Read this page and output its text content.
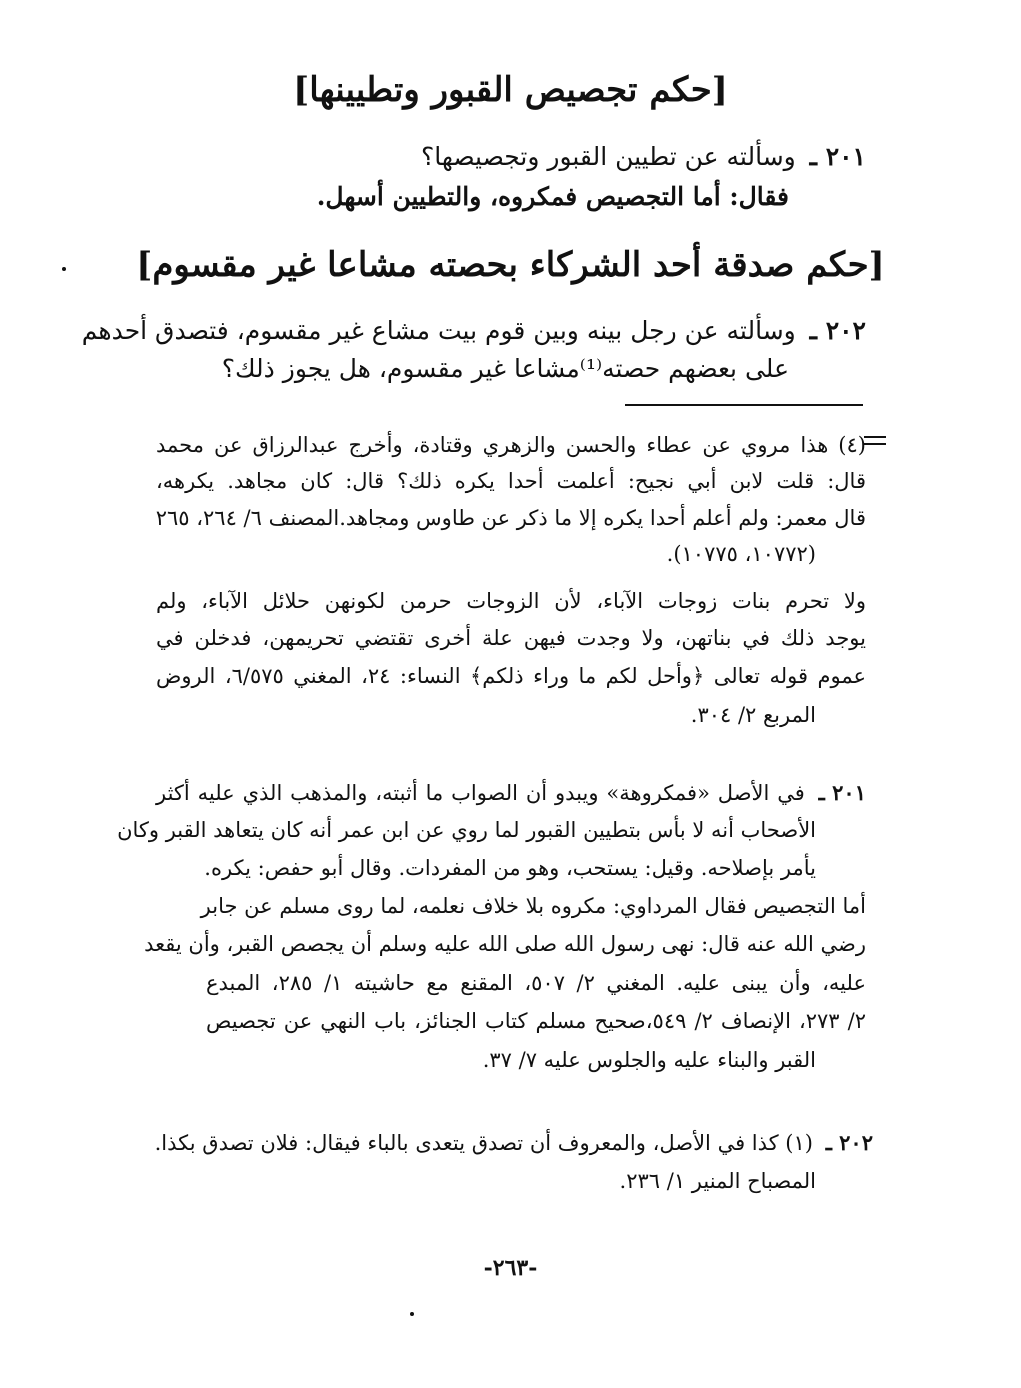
[حكم تجصيص القبور وتطيينها]
٢٠١ ـ وسألته عن تطيين القبور وتجصيصها؟
فقال: أما التجصيص فمكروه، والتطيين أسهل.
[حكم صدقة أحد الشركاء بحصته مشاعا غير مقسوم]
٢٠٢ ـ وسألته عن رجل بينه وبين قوم بيت مشاع غير مقسوم، فتصدق أحدهم
على بعضهم حصته⁽¹⁾مشاعا غير مقسوم، هل يجوز ذلك؟
(٤) هذا مروي عن عطاء والحسن والزهري وقتادة، وأخرج عبدالرزاق عن محمد
قال: قلت لابن أبي نجيح: أعلمت أحدا يكره ذلك؟ قال: كان مجاهد. يكرهه،
قال معمر: ولم أعلم أحدا يكره إلا ما ذكر عن طاوس ومجاهد.المصنف ٦/ ٢٦٤، ٢٦٥
(١٠٧٧٢، ١٠٧٧٥).
ولا تحرم بنات زوجات الآباء، لأن الزوجات حرمن لكونهن حلائل الآباء، ولم
يوجد ذلك في بناتهن، ولا وجدت فيهن علة أخرى تقتضي تحريمهن، فدخلن في
عموم قوله تعالى ﴿وأحل لكم ما وراء ذلكم﴾ النساء: ٢٤، المغني ٦/٥٧٥، الروض
المربع ٢/ ٣٠٤.
٢٠١ ـ في الأصل «فمكروهة» ويبدو أن الصواب ما أثبته، والمذهب الذي عليه أكثر
الأصحاب أنه لا بأس بتطيين القبور لما روي عن ابن عمر أنه كان يتعاهد القبر وكان
يأمر بإصلاحه. وقيل: يستحب، وهو من المفردات. وقال أبو حفص: يكره.
أما التجصيص فقال المرداوي: مكروه بلا خلاف نعلمه، لما روى مسلم عن جابر
رضي الله عنه قال: نهى رسول الله صلى الله عليه وسلم أن يجصص القبر، وأن يقعد
عليه، وأن يبنى عليه. المغني ٢/ ٥٠٧، المقنع مع حاشيته ١/ ٢٨٥، المبدع
٢/ ٢٧٣، الإنصاف ٢/ ٥٤٩،صحيح مسلم كتاب الجنائز، باب النهي عن تجصيص
القبر والبناء عليه والجلوس عليه ٧/ ٣٧.
٢٠٢ ـ (١) كذا في الأصل، والمعروف أن تصدق يتعدى بالباء فيقال: فلان تصدق بكذا.
المصباح المنير ١/ ٢٣٦.
-٢٦٣-
